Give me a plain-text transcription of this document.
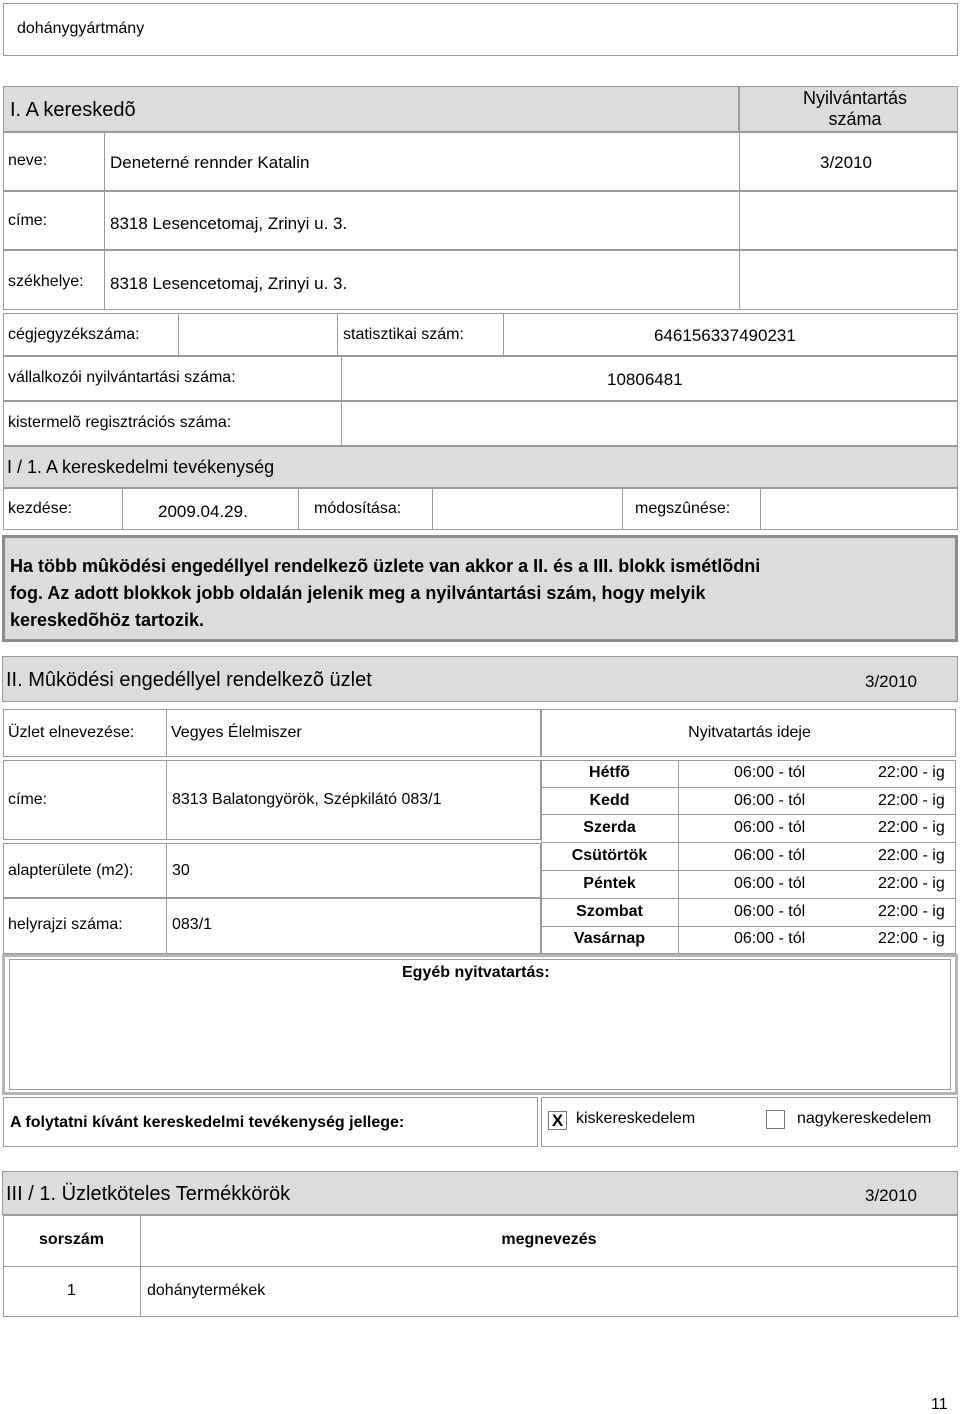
dohánygyártmány
I. A kereskedõ
Nyilvántartás száma
neve:	Deneterné rennder Katalin	3/2010
címe:	8318 Lesencetomaj, Zrinyi u. 3.
székhelye: 8318 Lesencetomaj, Zrinyi u. 3.
cégjegyzékszáma:	statisztikai szám:	646156337490231
vállalkozói nyilvántartási száma:	10806481
kistermelõ regisztrációs száma:
I / 1. A kereskedelmi tevékenység
kezdése:	2009.04.29.	módosítása:	megszûnése:
Ha több mûködési engedéllyel rendelkezõ üzlete van akkor a II. és a III. blokk ismétlõdni
fog. Az adott blokkok jobb oldalán jelenik meg a nyilvántartási szám, hogy melyik
kereskedõhöz tartozik.
II. Mûködési engedéllyel rendelkezõ üzlet	3/2010
Üzlet elnevezése: Vegyes Élelmiszer	Nyitvatartás ideje
címe:	8313 Balatongyörök, Szépkilátó 083/1
alapterülete (m2): 30
helyrajzi száma:	083/1
Hétfõ	06:00 - tól	22:00 - ig
Kedd	06:00 - tól	22:00 - ig
Szerda	06:00 - tól	22:00 - ig
Csütörtök	06:00 - tól	22:00 - ig
Péntek	06:00 - tól	22:00 - ig
Szombat	06:00 - tól	22:00 - ig
Vasárnap	06:00 - tól	22:00 - ig
Egyéb nyitvatartás:
A folytatni kívánt kereskedelmi tevékenység jellege:	X kiskereskedelem	nagykereskedelem
III / 1. Üzletköteles Termékkörök	3/2010
sorszám	megnevezés
1	dohánytermékek
11
